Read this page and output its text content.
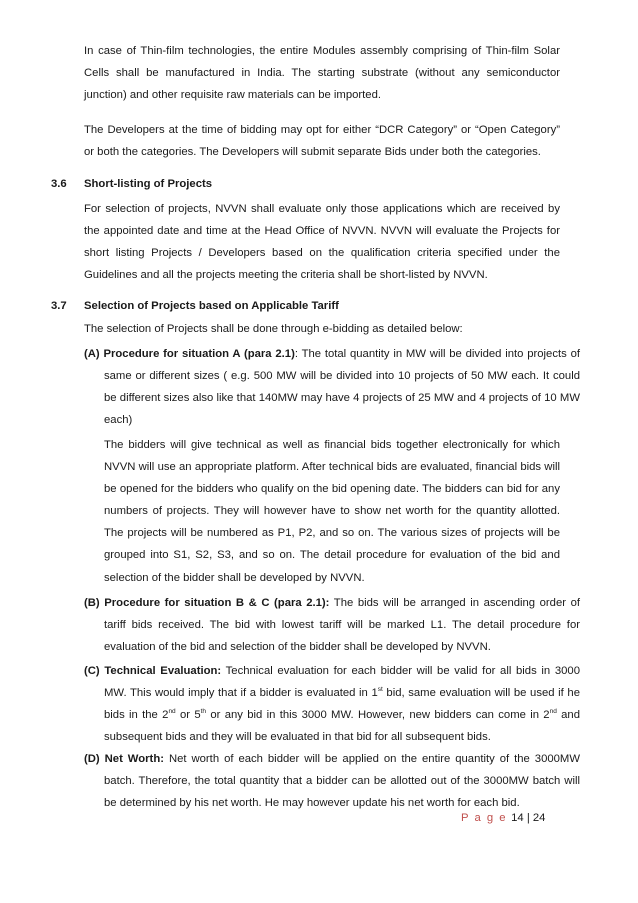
In case of Thin-film technologies, the entire Modules assembly comprising of Thin-film Solar Cells shall be manufactured in India. The starting substrate (without any semiconductor junction) and other requisite raw materials can be imported.

The Developers at the time of bidding may opt for either “DCR Category” or “Open Category” or both the categories. The Developers will submit separate Bids under both the categories.

3.6 Short-listing of Projects

For selection of projects, NVVN shall evaluate only those applications which are received by the appointed date and time at the Head Office of NVVN. NVVN will evaluate the Projects for short listing Projects / Developers based on the qualification criteria specified under the Guidelines and all the projects meeting the criteria shall be short-listed by NVVN.

3.7 Selection of Projects based on Applicable Tariff

The selection of Projects shall be done through e-bidding as detailed below:

(A) Procedure for situation A (para 2.1): The total quantity in MW will be divided into projects of same or different sizes ( e.g. 500 MW will be divided into 10 projects of 50 MW each. It could be different sizes also like that 140MW may have 4 projects of 25 MW and 4 projects of 10 MW each)

The bidders will give technical as well as financial bids together electronically for which NVVN will use an appropriate platform. After technical bids are evaluated, financial bids will be opened for the bidders who qualify on the bid opening date. The bidders can bid for any numbers of projects. They will however have to show net worth for the quantity allotted. The projects will be numbered as P1, P2, and so on. The various sizes of projects will be grouped into S1, S2, S3, and so on. The detail procedure for evaluation of the bid and selection of the bidder shall be developed by NVVN.

(B) Procedure for situation B & C (para 2.1): The bids will be arranged in ascending order of tariff bids received. The bid with lowest tariff will be marked L1. The detail procedure for evaluation of the bid and selection of the bidder shall be developed by NVVN.
(C) Technical Evaluation: Technical evaluation for each bidder will be valid for all bids in 3000 MW. This would imply that if a bidder is evaluated in 1st bid, same evaluation will be used if he bids in the 2nd or 5th or any bid in this 3000 MW. However, new bidders can come in 2nd and subsequent bids and they will be evaluated in that bid for all subsequent bids.
(D) Net Worth: Net worth of each bidder will be applied on the entire quantity of the 3000MW batch. Therefore, the total quantity that a bidder can be allotted out of the 3000MW batch will be determined by his net worth. He may however update his net worth for each bid.
P a g e 14 | 24
